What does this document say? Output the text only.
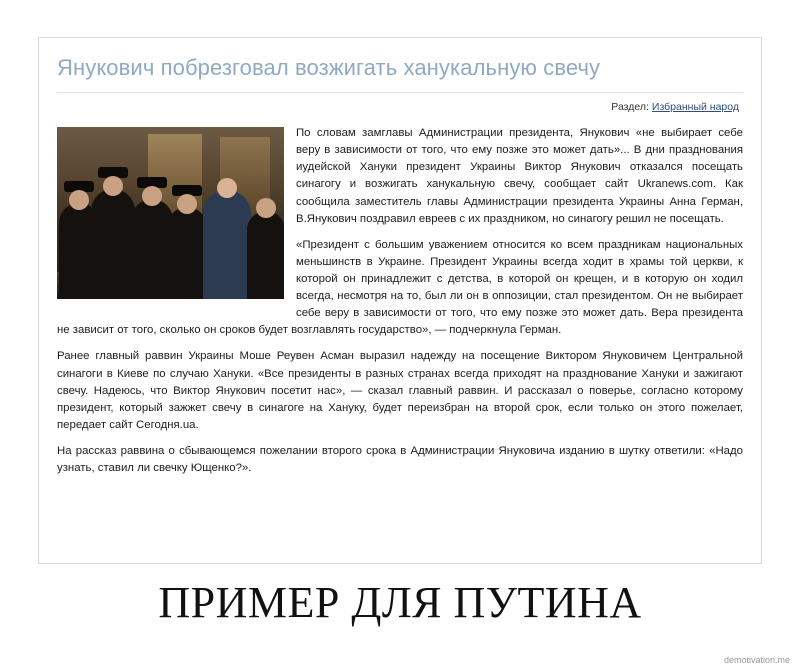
Янукович побрезговал возжигать ханукальную свечу
Раздел: Избранный народ

По словам замглавы Администрации президента, Янукович «не выбирает себе веру в зависимости от того, что ему позже это может дать»... В дни празднования иудейской Хануки президент Украины Виктор Янукович отказался посещать синагогу и возжигать ханукальную свечу, сообщает сайт Ukranews.com. Как сообщила заместитель главы Администрации президента Украины Анна Герман, В.Янукович поздравил евреев с их праздником, но синагогу решил не посещать.

«Президент с большим уважением относится ко всем праздникам национальных меньшинств в Украине. Президент Украины всегда ходит в храмы той церкви, к которой он принадлежит с детства, в которой он крещен, и в которую он ходил всегда, несмотря на то, был ли он в оппозиции, стал президентом. Он не выбирает себе веру в зависимости от того, что ему позже это может дать. Вера президента не зависит от того, сколько он сроков будет возглавлять государство», — подчеркнула Герман.

Ранее главный раввин Украины Моше Реувен Асман выразил надежду на посещение Виктором Януковичем Центральной синагоги в Киеве по случаю Хануки. «Все президенты в разных странах всегда приходят на празднование Хануки и зажигают свечу. Надеюсь, что Виктор Янукович посетит нас», — сказал главный раввин. И рассказал о поверье, согласно которому президент, который зажжет свечу в синагоге на Хануку, будет переизбран на второй срок, если только он этого пожелает, передает сайт Сегодня.ua.

На рассказ раввина о сбывающемся пожелании второго срока в Администрации Януковича изданию в шутку ответили: «Надо узнать, ставил ли свечку Ющенко?».

ПРИМЕР ДЛЯ ПУТИНА
demotivation.me
